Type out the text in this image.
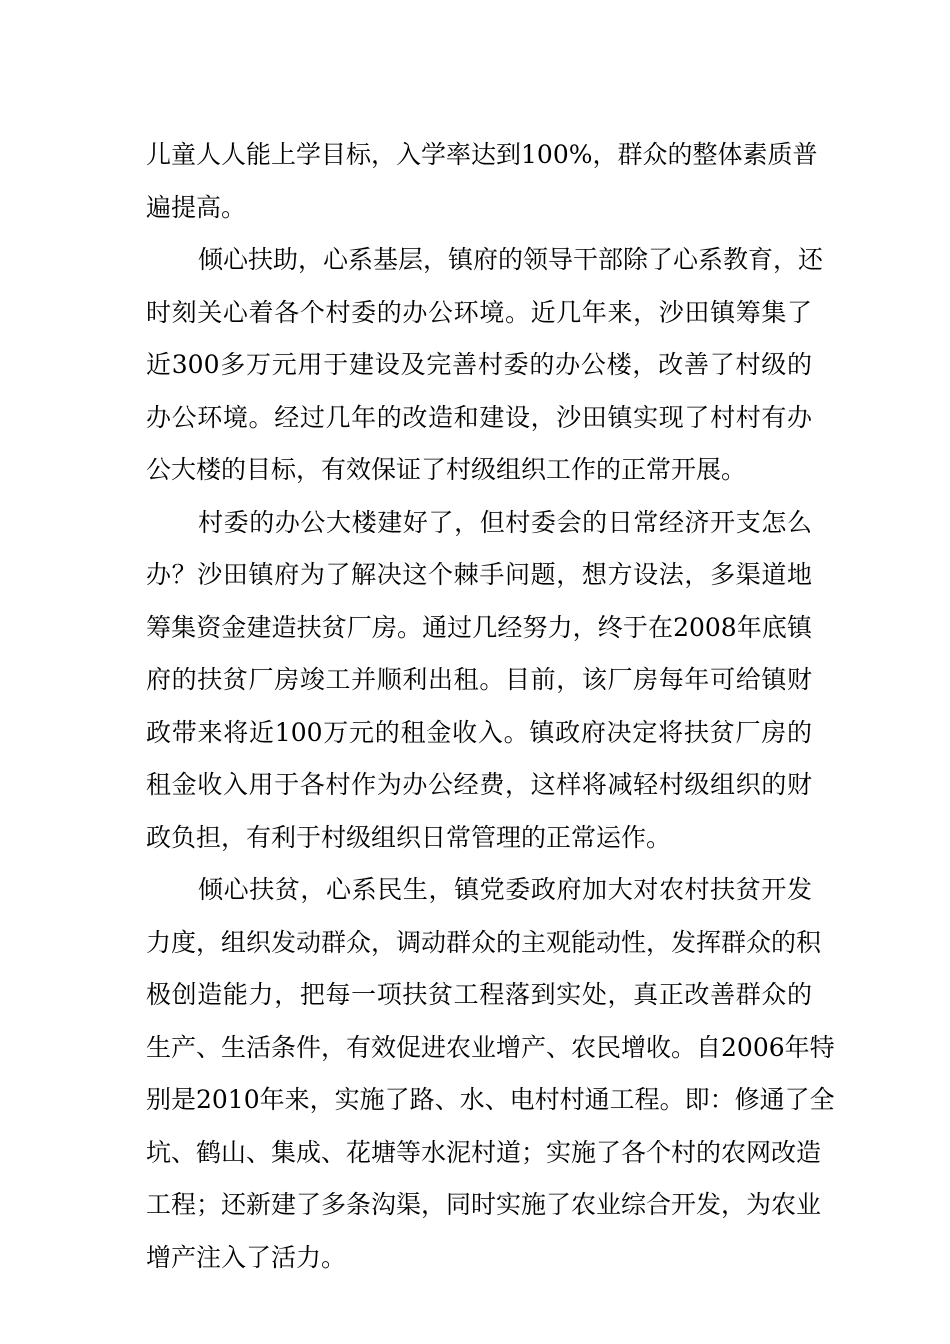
儿童人人能上学目标，入学率达到100%，群众的整体素质普
遍提高。
倾心扶助，心系基层，镇府的领导干部除了心系教育，还
时刻关心着各个村委的办公环境。近几年来，沙田镇筹集了
近300多万元用于建设及完善村委的办公楼，改善了村级的
办公环境。经过几年的改造和建设，沙田镇实现了村村有办
公大楼的目标，有效保证了村级组织工作的正常开展。
村委的办公大楼建好了，但村委会的日常经济开支怎么
办？沙田镇府为了解决这个棘手问题，想方设法，多渠道地
筹集资金建造扶贫厂房。通过几经努力，终于在2008年底镇
府的扶贫厂房竣工并顺利出租。目前，该厂房每年可给镇财
政带来将近100万元的租金收入。镇政府决定将扶贫厂房的
租金收入用于各村作为办公经费，这样将减轻村级组织的财
政负担，有利于村级组织日常管理的正常运作。
倾心扶贫，心系民生，镇党委政府加大对农村扶贫开发
力度，组织发动群众，调动群众的主观能动性，发挥群众的积
极创造能力，把每一项扶贫工程落到实处，真正改善群众的
生产、生活条件，有效促进农业增产、农民增收。自2006年特
别是2010年来，实施了路、水、电村村通工程。即：修通了全
坑、鹤山、集成、花塘等水泥村道；实施了各个村的农网改造
工程；还新建了多条沟渠，同时实施了农业综合开发，为农业
增产注入了活力。
